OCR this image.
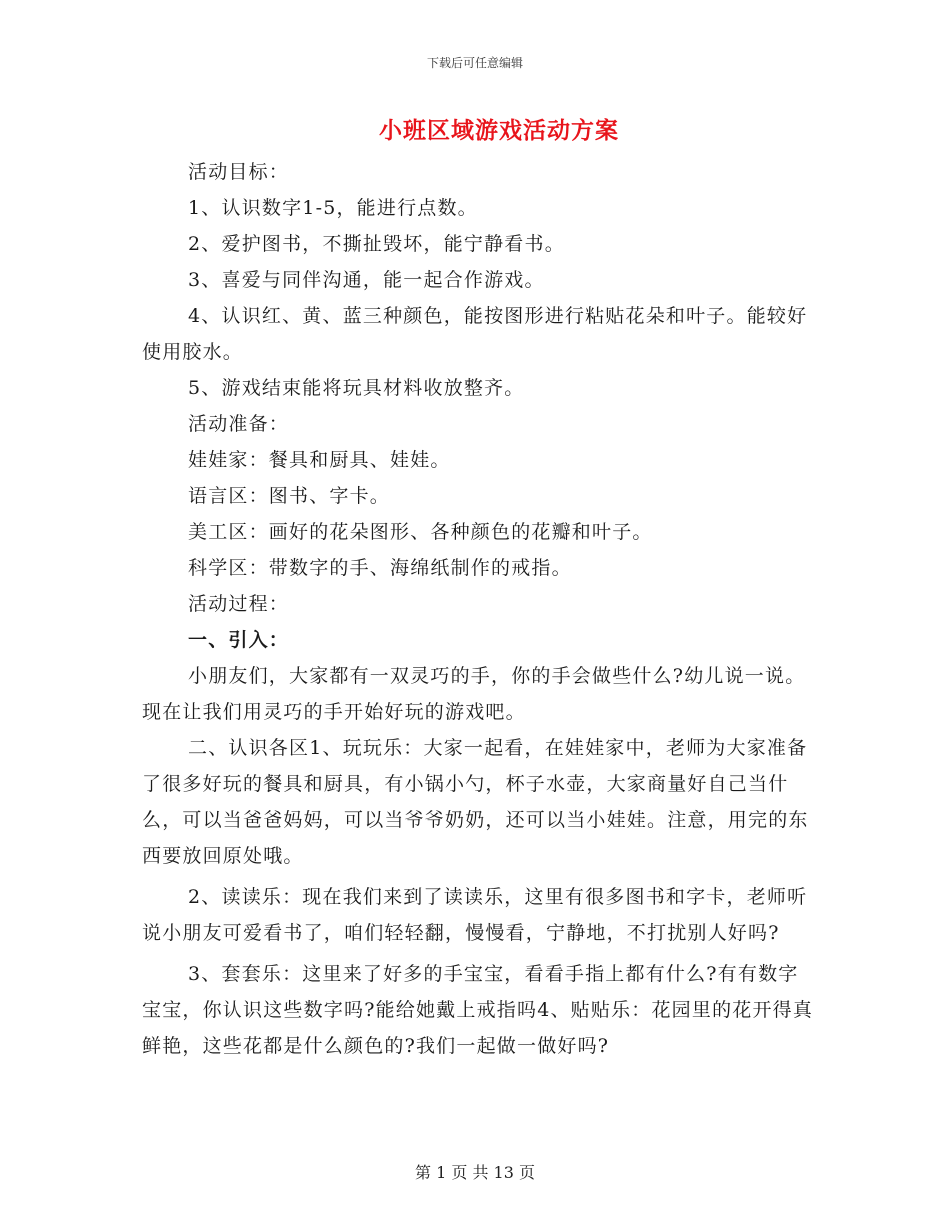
下载后可任意编辑
小班区域游戏活动方案

活动目标：

1、认识数字1-5，能进行点数。

2、爱护图书，不撕扯毁坏，能宁静看书。

3、喜爱与同伴沟通，能一起合作游戏。

4、认识红、黄、蓝三种颜色，能按图形进行粘贴花朵和叶子。能较好使用胶水。

5、游戏结束能将玩具材料收放整齐。

活动准备：

娃娃家：餐具和厨具、娃娃。

语言区：图书、字卡。

美工区：画好的花朵图形、各种颜色的花瓣和叶子。

科学区：带数字的手、海绵纸制作的戒指。

活动过程：

一、引入：

小朋友们，大家都有一双灵巧的手，你的手会做些什么?幼儿说一说。现在让我们用灵巧的手开始好玩的游戏吧。

二、认识各区1、玩玩乐：大家一起看，在娃娃家中，老师为大家准备了很多好玩的餐具和厨具，有小锅小勺，杯子水壶，大家商量好自己当什么，可以当爸爸妈妈，可以当爷爷奶奶，还可以当小娃娃。注意，用完的东西要放回原处哦。

2、读读乐：现在我们来到了读读乐，这里有很多图书和字卡，老师听说小朋友可爱看书了，咱们轻轻翻，慢慢看，宁静地，不打扰别人好吗?

3、套套乐：这里来了好多的手宝宝，看看手指上都有什么?有有数字宝宝，你认识这些数字吗?能给她戴上戒指吗4、贴贴乐：花园里的花开得真鲜艳，这些花都是什么颜色的?我们一起做一做好吗?

第 1 页 共 13 页
